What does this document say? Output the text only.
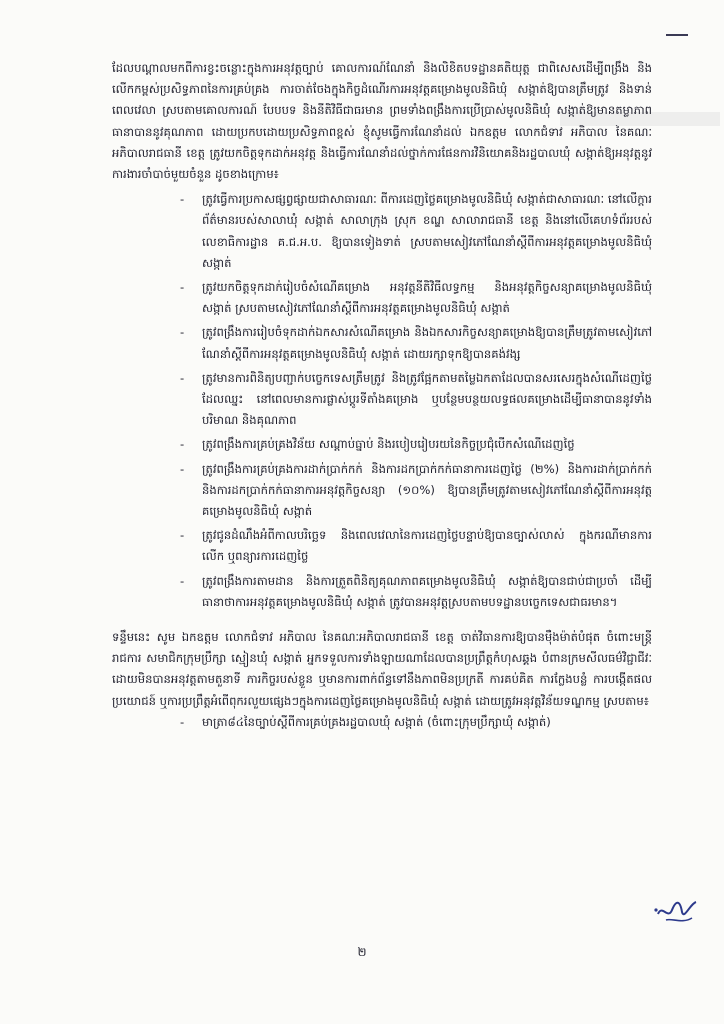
ដែលបណ្ដាលមកពីការខ្វះចន្លោះក្នុងការអនុវត្តច្បាប់ គោលការណ៍ណែនាំ និងលិខិតបទដ្ឋានគតិយុត្ត ជាពិសេសដើម្បីពង្រឹង និងលើកកម្ពស់ប្រសិទ្ធភាពនៃការគ្រប់គ្រង ការចាត់ចែងក្នុងកិច្ចដំណើរការអនុវត្តគម្រោងមូលនិធិឃុំ សង្កាត់ឱ្យបានត្រឹមត្រូវ និងទាន់ពេលវេលា ស្របតាមគោលការណ៍ បែបបទ និងនីតិវិធីជាធរមាន ព្រមទាំងពង្រឹងការប្រើប្រាស់មូលនិធិឃុំ សង្កាត់ឱ្យមានតម្លាភាព ធានាបាននូវគុណភាព ដោយប្រកបដោយប្រសិទ្ធភាពខ្ពស់ ខ្ញុំសូមធ្វើការណែនាំដល់ ឯកឧត្តម លោកជំទាវ អភិបាល នៃគណៈអភិបាលរាជធានី ខេត្ត ត្រូវយកចិត្តទុកដាក់អនុវត្ត និងធ្វើការណែនាំដល់ថ្នាក់ការផែនការវិនិយោគនិងរដ្ឋបាលឃុំ សង្កាត់ឱ្យអនុវត្តនូវការងារចាំបាច់មួយចំនួន ដូចខាងក្រោម៖

- ត្រូវធ្វើការប្រកាសផ្សព្វផ្សាយជាសាធារណៈ ពីការដេញថ្លៃគម្រោងមូលនិធិឃុំ សង្កាត់ជាសាធារណៈ នៅលើក្ដារព័ត៌មានរបស់សាលាឃុំ សង្កាត់ សាលាក្រុង ស្រុក ខណ្ឌ សាលារាជធានី ខេត្ត និងនៅលើគេហទំព័ររបស់លេខាធិការដ្ឋាន គ.ជ.អ.ប. ឱ្យបានទៀងទាត់ ស្របតាមសៀវភៅណែនាំស្ដីពីការអនុវត្តគម្រោងមូលនិធិឃុំ សង្កាត់
- ត្រូវយកចិត្តទុកដាក់រៀបចំសំណើគម្រោង អនុវត្តនីតិវិធីលទ្ធកម្ម និងអនុវត្តកិច្ចសន្យាគម្រោងមូលនិធិឃុំ សង្កាត់ ស្របតាមសៀវភៅណែនាំស្ដីពីការអនុវត្តគម្រោងមូលនិធិឃុំ សង្កាត់
- ត្រូវពង្រឹងការរៀបចំទុកដាក់ឯកសារសំណើគម្រោង និងឯកសារកិច្ចសន្យាគម្រោងឱ្យបានត្រឹមត្រូវតាមសៀវភៅណែនាំស្ដីពីការអនុវត្តគម្រោងមូលនិធិឃុំ សង្កាត់ ដោយរក្សាទុកឱ្យបានគង់វង្ស
- ត្រូវមានការពិនិត្យបញ្ជាក់បច្ចេកទេសត្រឹមត្រូវ និងត្រូវផ្អែកតាមតម្លៃឯកតាដែលបានសរសេរក្នុងសំណើដេញថ្លៃដែលឈ្នះ នៅពេលមានការផ្លាស់ប្ដូរទីតាំងគម្រោង ឬបន្ថែមបន្ថយលទ្ធផលគម្រោងដើម្បីធានាបាននូវទាំងបរិមាណ និងគុណភាព
- ត្រូវពង្រឹងការគ្រប់គ្រងវិន័យ សណ្ដាប់ធ្នាប់ និងរបៀបរៀបរយនៃកិច្ចប្រជុំបើកសំណើដេញថ្លៃ
- ត្រូវពង្រឹងការគ្រប់គ្រងការដាក់ប្រាក់កក់ និងការដកប្រាក់កក់ធានាការដេញថ្លៃ (២%) និងការដាក់ប្រាក់កក់ និងការដកប្រាក់កក់ធានាការអនុវត្តកិច្ចសន្យា (១០%) ឱ្យបានត្រឹមត្រូវតាមសៀវភៅណែនាំស្ដីពីការអនុវត្តគម្រោងមូលនិធិឃុំ សង្កាត់
- ត្រូវជូនដំណឹងអំពីកាលបរិច្ឆេទ និងពេលវេលានៃការដេញថ្លៃបន្ទាប់ឱ្យបានច្បាស់លាស់ ក្នុងករណីមានការលើក ឬពន្យារការដេញថ្លៃ
- ត្រូវពង្រឹងការតាមដាន និងការត្រួតពិនិត្យគុណភាពគម្រោងមូលនិធិឃុំ សង្កាត់ឱ្យបានជាប់ជាប្រចាំ ដើម្បីធានាថាការអនុវត្តគម្រោងមូលនិធិឃុំ សង្កាត់ ត្រូវបានអនុវត្តស្របតាមបទដ្ឋានបច្ចេកទេសជាធរមាន។

ទន្ទឹមនេះ សូម ឯកឧត្តម លោកជំទាវ អភិបាល នៃគណៈអភិបាលរាជធានី ខេត្ត ចាត់វិធានការឱ្យបានម៉ឺងម៉ាត់បំផុត ចំពោះមន្ត្រីរាជការ សមាជិកក្រុមប្រឹក្សា ស្មៀនឃុំ សង្កាត់ អ្នកទទួលការទាំងឡាយណាដែលបានប្រព្រឹត្តកំហុសឆ្គង បំពានក្រមសីលធម៌វិជ្ជាជីវៈ ដោយមិនបានអនុវត្តតាមតួនាទី ភារកិច្ចរបស់ខ្លួន ឬមានការពាក់ព័ន្ធទៅនឹងភាពមិនប្រក្រតី ការគប់គិត ការក្លែងបន្លំ ការបង្កើតផលប្រយោជន៍ ឬការប្រព្រឹត្តអំពើពុករលួយផ្សេងៗក្នុងការដេញថ្លៃគម្រោងមូលនិធិឃុំ សង្កាត់ ដោយត្រូវអនុវត្តវិន័យទណ្ឌកម្ម ស្របតាម៖

- មាត្រា៨៤នៃច្បាប់ស្ដីពីការគ្រប់គ្រងរដ្ឋបាលឃុំ សង្កាត់ (ចំពោះក្រុមប្រឹក្សាឃុំ សង្កាត់)
២
